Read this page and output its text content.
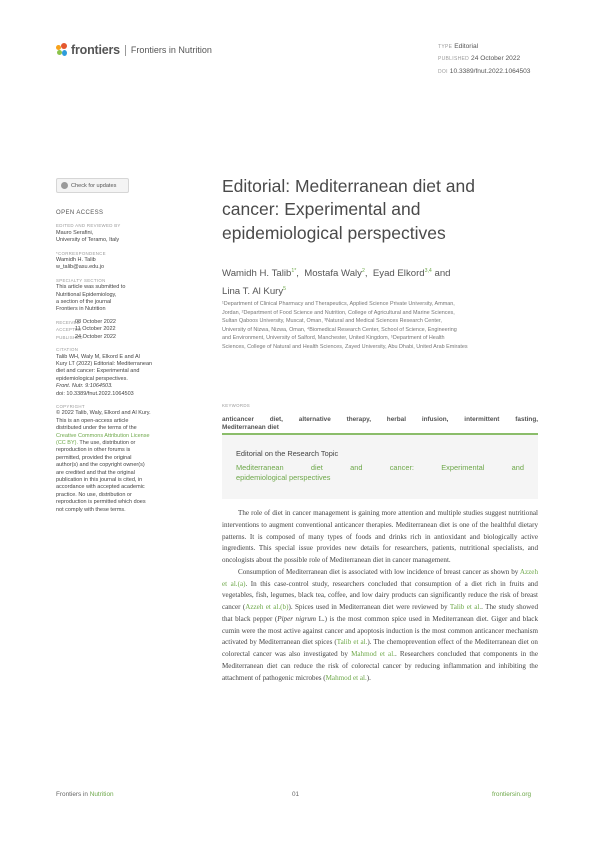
frontiers Frontiers in Nutrition	TYPE Editorial
PUBLISHED 24 October 2022
DOI 10.3389/fnut.2022.1064503
Check for updates
OPEN ACCESS
EDITED AND REVIEWED BY
Mauro Serafini,
University of Teramo, Italy
*CORRESPONDENCE
Wamidh H. Talib
w_talib@asu.edu.jo
SPECIALTY SECTION
This article was submitted to
Nutritional Epidemiology,
a section of the journal
Frontiers in Nutrition
RECEIVED
08 October 2022
ACCEPTED
11 October 2022
PUBLISHED
24 October 2022
CITATION
Talib WH, Waly M, Elkord E and Al
Kury LT (2022) Editorial: Mediterranean
diet and cancer: Experimental and
epidemiological perspectives.
Front. Nutr. 9:1064503.
doi: 10.3389/fnut.2022.1064503
COPYRIGHT
© 2022 Talib, Waly, Elkord and Al Kury.
This is an open-access article
distributed under the terms of the
Creative Commons Attribution License
(CC BY). The use, distribution or
reproduction in other forums is
permitted, provided the original
author(s) and the copyright owner(s)
are credited and that the original
publication in this journal is cited, in
accordance with accepted academic
practice. No use, distribution or
reproduction is permitted which does
not comply with these terms.
Editorial: Mediterranean diet and
cancer: Experimental and
epidemiological perspectives
Wamidh H. Talib$^{1*}$,  Mostafa Waly$^2$,  Eyad Elkord$^{3,4}$ and
Lina T. Al Kury$^5$
¹Department of Clinical Pharmacy and Therapeutics, Applied Science Private University, Amman,
Jordan, ²Department of Food Science and Nutrition, College of Agricultural and Marine Sciences,
Sultan Qaboos University, Muscat, Oman, ³Natural and Medical Sciences Research Center,
University of Nizwa, Nizwa, Oman, ⁴Biomedical Research Center, School of Science, Engineering
and Environment, University of Salford, Manchester, United Kingdom, ⁵Department of Health
Sciences, College of Natural and Health Sciences, Zayed University, Abu Dhabi, United Arab Emirates
KEYWORDS
anticancer diet, alternative therapy, herbal infusion, intermittent fasting,
Mediterranean diet
Editorial on the Research Topic
Mediterranean diet and cancer: Experimental and
epidemiological perspectives

The role of diet in cancer management is gaining more attention and multiple studies suggest nutritional interventions to augment conventional anticancer therapies. Mediterranean diet is one of the healthful dietary patterns. It is composed of many types of foods and drinks rich in antioxidant and biologically active ingredients. This special issue provides new details for researchers, patients, nutritional specialists, and oncologists about the possible role of Mediterranean diet in cancer management.

Consumption of Mediterranean diet is associated with low incidence of breast cancer as shown by Azzeh et al.(a). In this case-control study, researchers concluded that consumption of a diet rich in fruits and vegetables, fish, legumes, black tea, coffee, and low dairy products can significantly reduce the risk of breast cancer (Azzeh et al.(b)). Spices used in Mediterranean diet were reviewed by Talib et al.. The study showed that black pepper (Piper nigrum L.) is the most common spice used in Mediterranean diet. Giger and black cumin were the most active against cancer and apoptosis induction is the most common anticancer mechanism activated by Mediterranean diet spices (Talib et al.). The chemoprevention effect of the Mediterranean diet on colorectal cancer was also investigated by Mahmod et al.. Researchers concluded that components in the Mediterranean diet can reduce the risk of colorectal cancer by reducing inflammation and inhibiting the attachment of pathogenic microbes (Mahmod et al.).

Frontiers in Nutrition	01	frontiersin.org
